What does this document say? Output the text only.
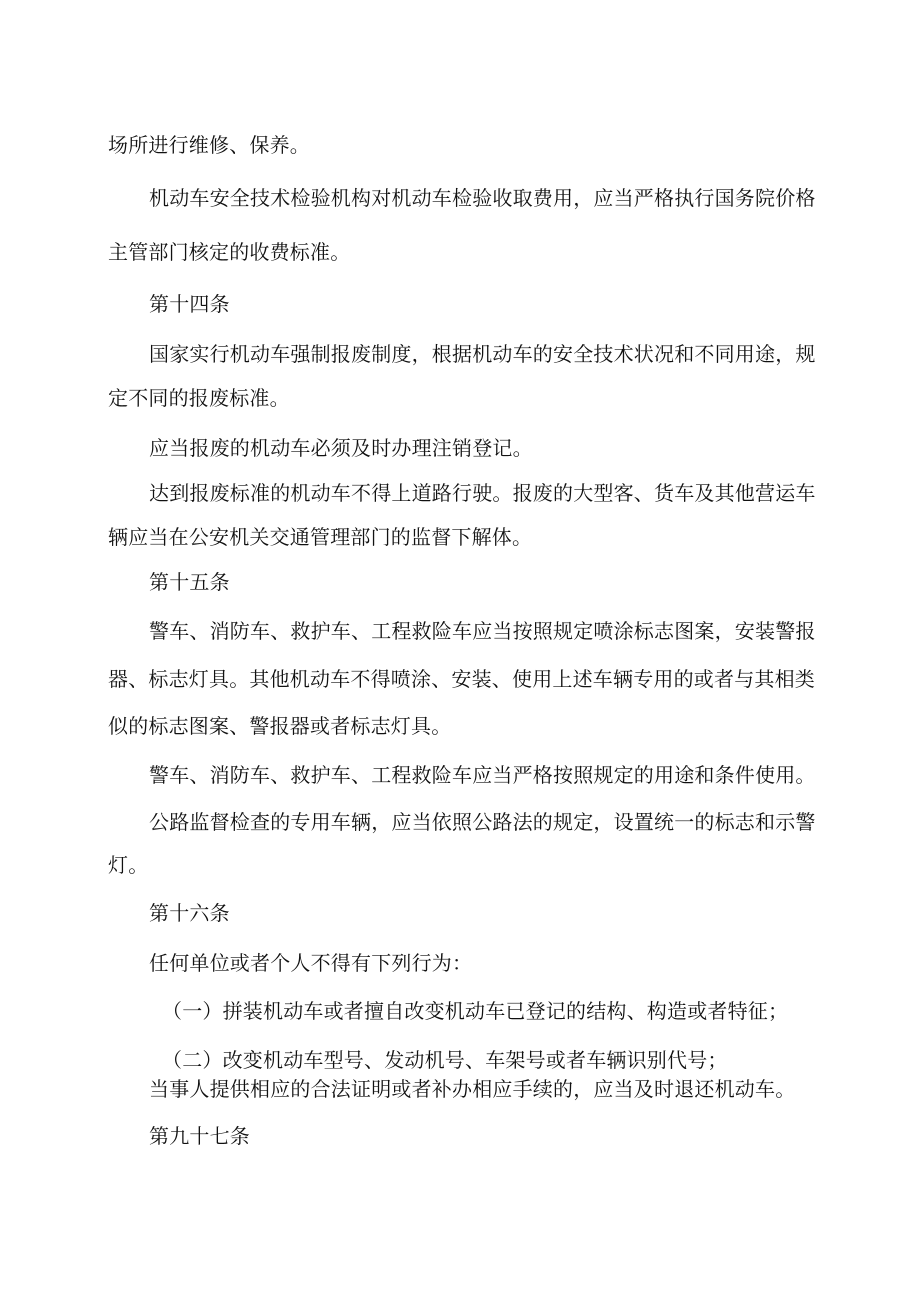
场所进行维修、保养。
机动车安全技术检验机构对机动车检验收取费用，应当严格执行国务院价格
主管部门核定的收费标准。
第十四条
国家实行机动车强制报废制度，根据机动车的安全技术状况和不同用途，规
定不同的报废标准。
应当报废的机动车必须及时办理注销登记。
达到报废标准的机动车不得上道路行驶。报废的大型客、货车及其他营运车
辆应当在公安机关交通管理部门的监督下解体。
第十五条
警车、消防车、救护车、工程救险车应当按照规定喷涂标志图案，安装警报
器、标志灯具。其他机动车不得喷涂、安装、使用上述车辆专用的或者与其相类
似的标志图案、警报器或者标志灯具。
警车、消防车、救护车、工程救险车应当严格按照规定的用途和条件使用。
公路监督检查的专用车辆，应当依照公路法的规定，设置统一的标志和示警
灯。
第十六条
任何单位或者个人不得有下列行为：
（一）拼装机动车或者擅自改变机动车已登记的结构、构造或者特征；
（二）改变机动车型号、发动机号、车架号或者车辆识别代号；
当事人提供相应的合法证明或者补办相应手续的，应当及时退还机动车。
第九十七条
